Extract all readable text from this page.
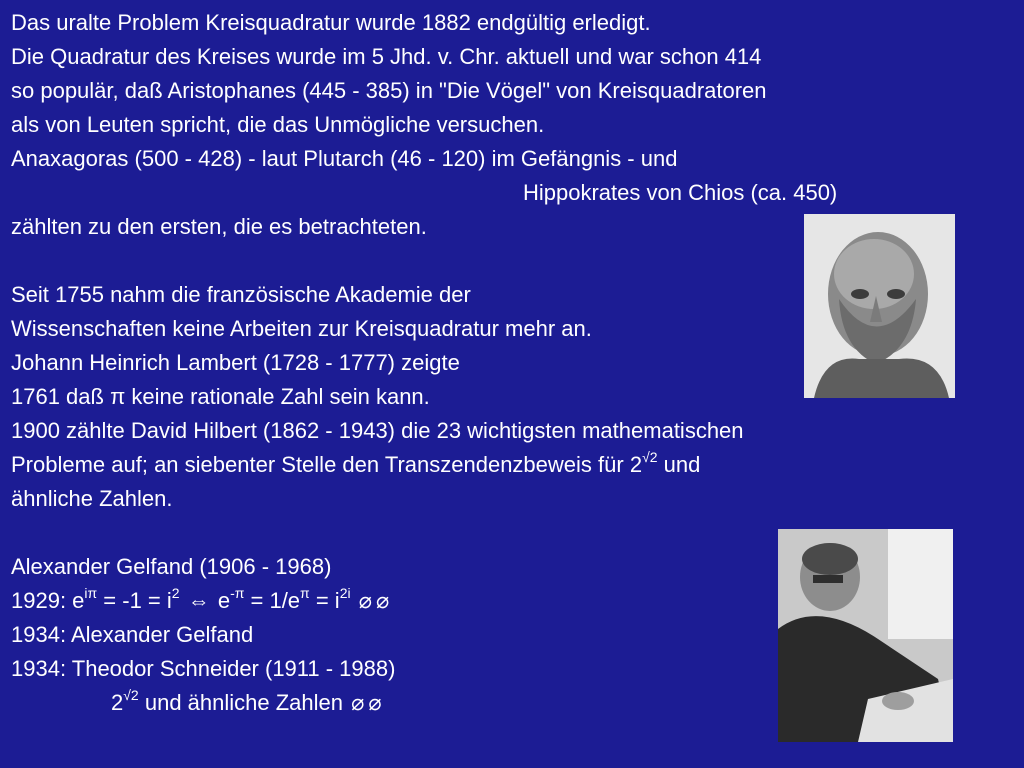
Das uralte Problem Kreisquadratur wurde 1882 endgültig erledigt.
Die Quadratur des Kreises wurde im 5 Jhd. v. Chr. aktuell und war schon 414
so populär, daß Aristophanes (445 - 385) in "Die Vögel" von Kreisquadratoren
als von Leuten spricht, die das Unmögliche versuchen.
Anaxagoras (500 - 428) - laut Plutarch (46 - 120) im Gefängnis - und
Hippokrates von Chios (ca. 450)
zählten zu den ersten, die es betrachteten.
Seit 1755 nahm die französische Akademie der
Wissenschaften keine Arbeiten zur Kreisquadratur mehr an.
Johann Heinrich Lambert (1728 - 1777) zeigte
1761 daß π keine rationale Zahl sein kann.
1900 zählte David Hilbert (1862 - 1943) die 23 wichtigsten mathematischen
Probleme auf; an siebenter Stelle den Transzendenzbeweis für $2^{√2}$ und
ähnliche Zahlen.
Alexander Gelfand (1906 - 1968)
1929: $e^{i\pi} = -1 = i^2$ ⇔ $e^{-\pi} = 1/e^\pi = i^{2i}$ ⌀ ⌀
1934: Alexander Gelfand
1934: Theodor Schneider (1911 - 1988)
$2^{√2}$ und ähnliche Zahlen ⌀ ⌀
